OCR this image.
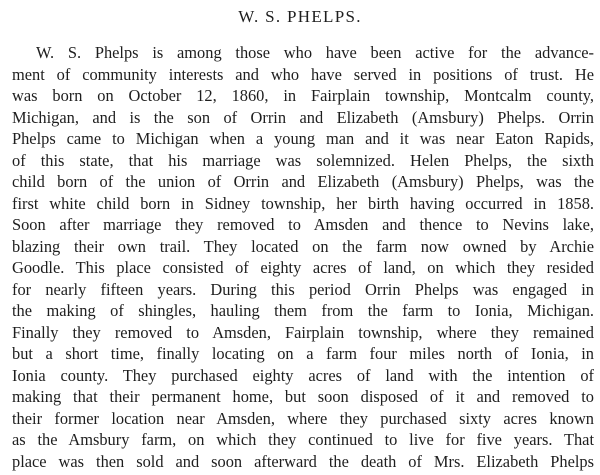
W. S. PHELPS.
W. S. Phelps is among those who have been active for the advance-
ment of community interests and who have served in positions of trust. He
was born on October 12, 1860, in Fairplain township, Montcalm county,
Michigan, and is the son of Orrin and Elizabeth (Amsbury) Phelps. Orrin
Phelps came to Michigan when a young man and it was near Eaton Rapids,
of this state, that his marriage was solemnized. Helen Phelps, the sixth
child born of the union of Orrin and Elizabeth (Amsbury) Phelps, was the
first white child born in Sidney township, her birth having occurred in 1858.
Soon after marriage they removed to Amsden and thence to Nevins lake,
blazing their own trail. They located on the farm now owned by Archie
Goodle. This place consisted of eighty acres of land, on which they resided
for nearly fifteen years. During this period Orrin Phelps was engaged in
the making of shingles, hauling them from the farm to Ionia, Michigan.
Finally they removed to Amsden, Fairplain township, where they remained
but a short time, finally locating on a farm four miles north of Ionia, in
Ionia county. They purchased eighty acres of land with the intention of
making that their permanent home, but soon disposed of it and removed to
their former location near Amsden, where they purchased sixty acres known
as the Amsbury farm, on which they continued to live for five years. That
place was then sold and soon afterward the death of Mrs. Elizabeth Phelps
